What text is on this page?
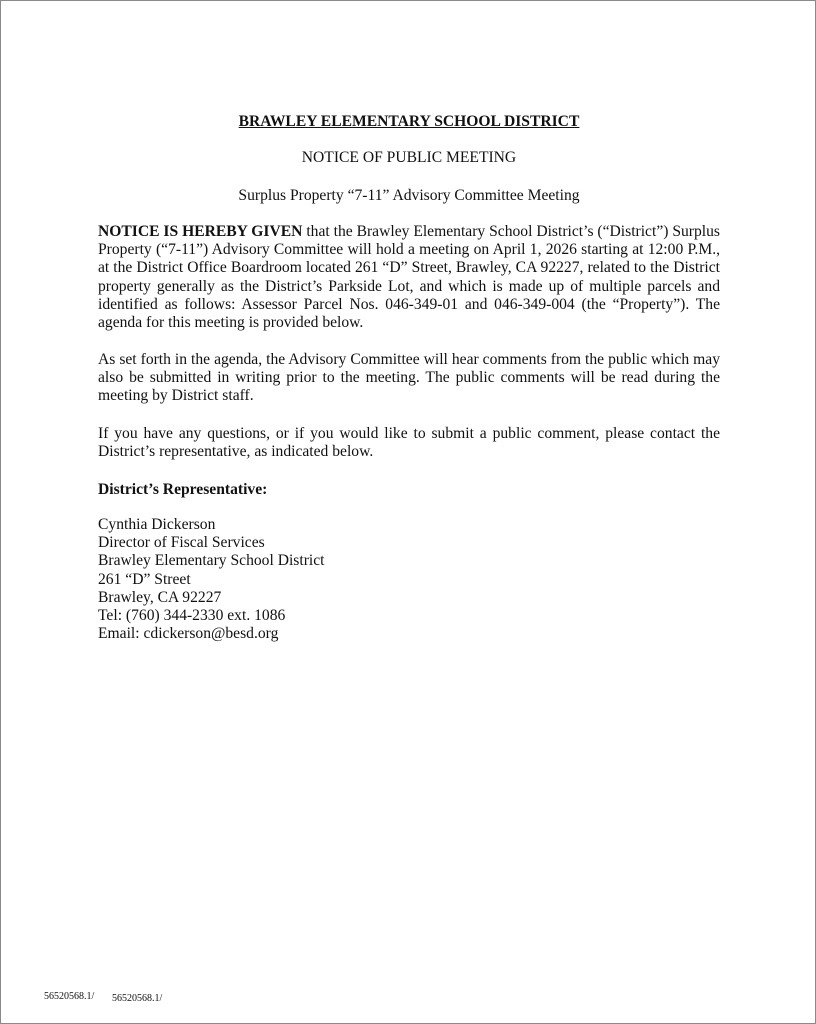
BRAWLEY ELEMENTARY SCHOOL DISTRICT

NOTICE OF PUBLIC MEETING

Surplus Property “7-11” Advisory Committee Meeting

NOTICE IS HEREBY GIVEN that the Brawley Elementary School District’s (“District”) Surplus Property (“7-11”) Advisory Committee will hold a meeting on April 1, 2026 starting at 12:00 P.M., at the District Office Boardroom located 261 “D” Street, Brawley, CA 92227, related to the District property generally as the District’s Parkside Lot, and which is made up of multiple parcels and identified as follows: Assessor Parcel Nos. 046-349-01 and 046-349-004 (the “Property”). The agenda for this meeting is provided below.

As set forth in the agenda, the Advisory Committee will hear comments from the public which may also be submitted in writing prior to the meeting. The public comments will be read during the meeting by District staff.

If you have any questions, or if you would like to submit a public comment, please contact the District’s representative, as indicated below.

District’s Representative:

Cynthia Dickerson
Director of Fiscal Services
Brawley Elementary School District
261 “D” Street
Brawley, CA 92227
Tel: (760) 344-2330 ext. 1086
Email: cdickerson@besd.org
56520568.1/ 56520568.1/
